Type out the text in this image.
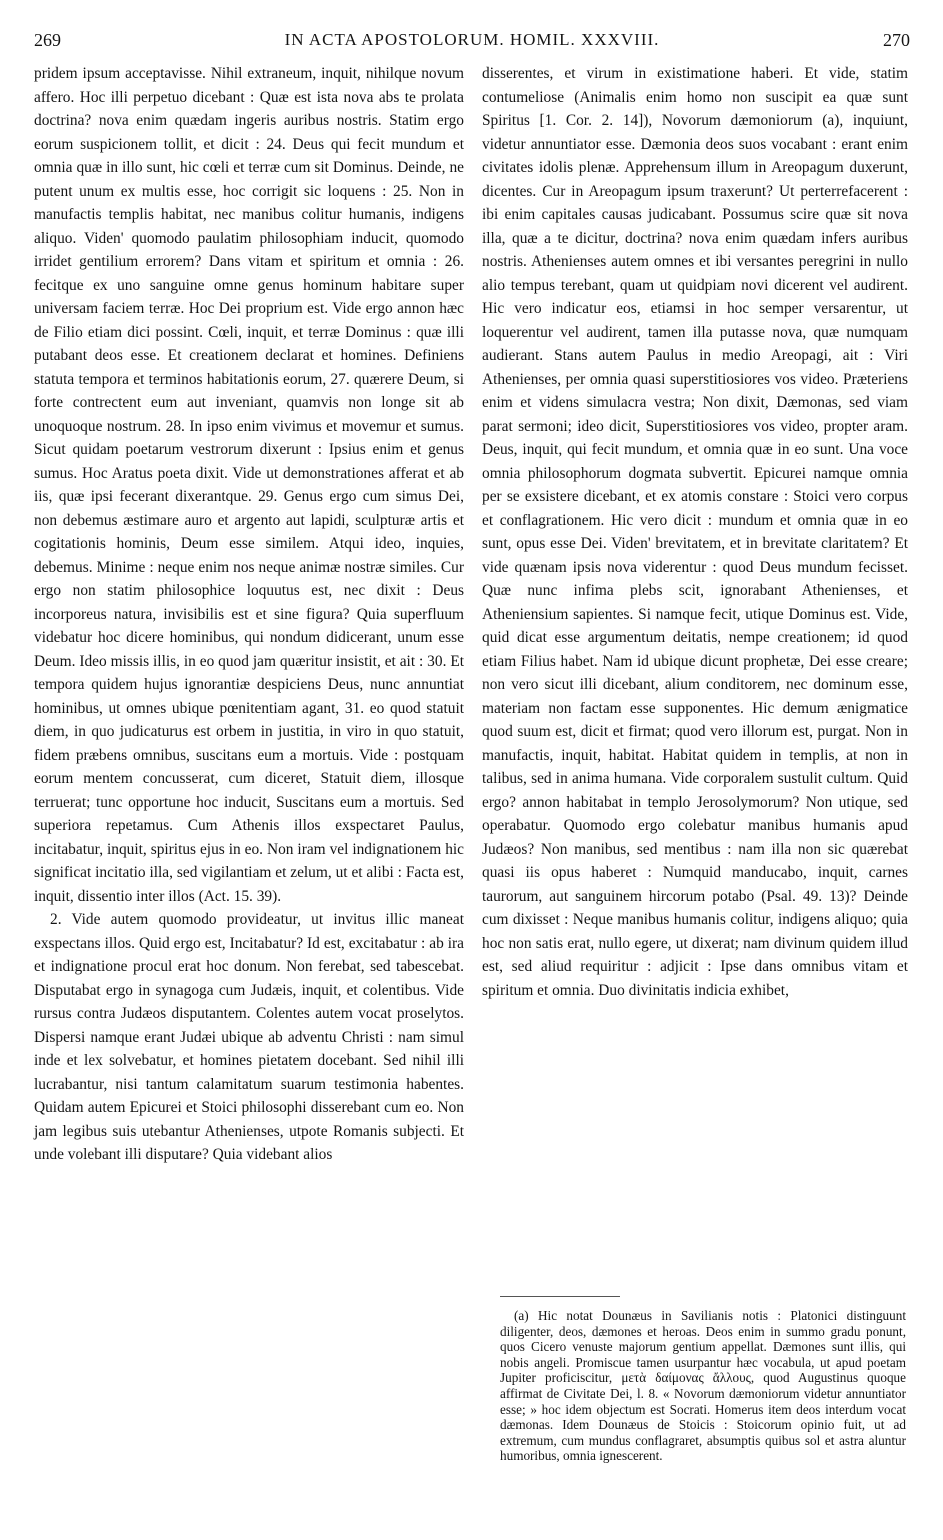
269	IN ACTA APOSTOLORUM. HOMIL. XXXVIII.	270

pridem ipsum acceptavisse. Nihil extraneum, inquit, nihilque novum affero. Hoc illi perpetuo dicebant : Quæ est ista nova abs te prolata doctrina? nova enim quædam ingeris auribus nostris. Statim ergo eorum suspicionem tollit, et dicit : 24. Deus qui fecit mundum et omnia quæ in illo sunt, hic cœli et terræ cum sit Dominus. Deinde, ne putent unum ex multis esse, hoc corrigit sic loquens : 25. Non in manufactis templis habitat, nec manibus colitur humanis, indigens aliquo. Viden' quomodo paulatim philosophiam inducit, quomodo irridet gentilium errorem? Dans vitam et spiritum et omnia : 26. fecitque ex uno sanguine omne genus hominum habitare super universam faciem terræ. Hoc Dei proprium est. Vide ergo annon hæc de Filio etiam dici possint. Cœli, inquit, et terræ Dominus : quæ illi putabant deos esse. Et creationem declarat et homines. Definiens statuta tempora et terminos habitationis eorum, 27. quærere Deum, si forte contrectent eum aut inveniant, quamvis non longe sit ab unoquoque nostrum. 28. In ipso enim vivimus et movemur et sumus. Sicut quidam poetarum vestrorum dixerunt : Ipsius enim et genus sumus. Hoc Aratus poeta dixit. Vide ut demonstrationes afferat et ab iis, quæ ipsi fecerant dixerantque. 29. Genus ergo cum simus Dei, non debemus æstimare auro et argento aut lapidi, sculpturæ artis et cogitationis hominis, Deum esse similem. Atqui ideo, inquies, debemus. Minime : neque enim nos neque animæ nostræ similes. Cur ergo non statim philosophice loquutus est, nec dixit : Deus incorporeus natura, invisibilis est et sine figura? Quia superfluum videbatur hoc dicere hominibus, qui nondum didicerant, unum esse Deum. Ideo missis illis, in eo quod jam quæritur insistit, et ait : 30. Et tempora quidem hujus ignorantiæ despiciens Deus, nunc annuntiat hominibus, ut omnes ubique pœnitentiam agant, 31. eo quod statuit diem, in quo judicaturus est orbem in justitia, in viro in quo statuit, fidem præbens omnibus, suscitans eum a mortuis. Vide : postquam eorum mentem concusserat, cum diceret, Statuit diem, illosque terruerat; tunc opportune hoc inducit, Suscitans eum a mortuis. Sed superiora repetamus. Cum Athenis illos exspectaret Paulus, incitabatur, inquit, spiritus ejus in eo. Non iram vel indignationem hic significat incitatio illa, sed vigilantiam et zelum, ut et alibi : Facta est, inquit, dissentio inter illos (Act. 15. 39).

2. Vide autem quomodo provideatur, ut invitus illic maneat exspectans illos. Quid ergo est, Incitabatur? Id est, excitabatur : ab ira et indignatione procul erat hoc donum. Non ferebat, sed tabescebat. Disputabat ergo in synagoga cum Judæis, inquit, et colentibus. Vide rursus contra Judæos disputantem. Colentes autem vocat proselytos. Dispersi namque erant Judæi ubique ab adventu Christi : nam simul inde et lex solvebatur, et homines pietatem docebant. Sed nihil illi lucrabantur, nisi tantum calamitatum suarum testimonia habentes. Quidam autem Epicurei et Stoici philosophi disserebant cum eo. Non jam legibus suis utebantur Athenienses, utpote Romanis subjecti. Et unde volebant illi disputare? Quia videbant alios

disserentes, et virum in existimatione haberi. Et vide, statim contumeliose (Animalis enim homo non suscipit ea quæ sunt Spiritus [1. Cor. 2. 14]), Novorum dæmoniorum (a), inquiunt, videtur annuntiator esse. Dæmonia deos suos vocabant : erant enim civitates idolis plenæ. Apprehensum illum in Areopagum duxerunt, dicentes. Cur in Areopagum ipsum traxerunt? Ut perterrefacerent : ibi enim capitales causas judicabant. Possumus scire quæ sit nova illa, quæ a te dicitur, doctrina? nova enim quædam infers auribus nostris. Athenienses autem omnes et ibi versantes peregrini in nullo alio tempus terebant, quam ut quidpiam novi dicerent vel audirent. Hic vero indicatur eos, etiamsi in hoc semper versarentur, ut loquerentur vel audirent, tamen illa putasse nova, quæ numquam audierant. Stans autem Paulus in medio Areopagi, ait : Viri Athenienses, per omnia quasi superstitiosiores vos video. Præteriens enim et videns simulacra vestra; Non dixit, Dæmonas, sed viam parat sermoni; ideo dicit, Superstitiosiores vos video, propter aram. Deus, inquit, qui fecit mundum, et omnia quæ in eo sunt. Una voce omnia philosophorum dogmata subvertit. Epicurei namque omnia per se exsistere dicebant, et ex atomis constare : Stoici vero corpus et conflagrationem. Hic vero dicit : mundum et omnia quæ in eo sunt, opus esse Dei. Viden' brevitatem, et in brevitate claritatem? Et vide quænam ipsis nova viderentur : quod Deus mundum fecisset. Quæ nunc infima plebs scit, ignorabant Athenienses, et Atheniensium sapientes. Si namque fecit, utique Dominus est. Vide, quid dicat esse argumentum deitatis, nempe creationem; id quod etiam Filius habet. Nam id ubique dicunt prophetæ, Dei esse creare; non vero sicut illi dicebant, alium conditorem, nec dominum esse, materiam non factam esse supponentes. Hic demum ænigmatice quod suum est, dicit et firmat; quod vero illorum est, purgat. Non in manufactis, inquit, habitat. Habitat quidem in templis, at non in talibus, sed in anima humana. Vide corporalem sustulit cultum. Quid ergo? annon habitabat in templo Jerosolymorum? Non utique, sed operabatur. Quomodo ergo colebatur manibus humanis apud Judæos? Non manibus, sed mentibus : nam illa non sic quærebat quasi iis opus haberet : Numquid manducabo, inquit, carnes taurorum, aut sanguinem hircorum potabo (Psal. 49. 13)? Deinde cum dixisset : Neque manibus humanis colitur, indigens aliquo; quia hoc non satis erat, nullo egere, ut dixerat; nam divinum quidem illud est, sed aliud requiritur : adjicit : Ipse dans omnibus vitam et spiritum et omnia. Duo divinitatis indicia exhibet,

(a) Hic notat Dounæus in Savilianis notis : Platonici distinguunt diligenter, deos, dæmones et heroas. Deos enim in summo gradu ponunt, quos Cicero venuste majorum gentium appellat. Dæmones sunt illis, qui nobis angeli. Promiscue tamen usurpantur hæc vocabula, ut apud poetam Jupiter proficiscitur, μετὰ δαίμονας ἄλλους, quod Augustinus quoque affirmat de Civitate Dei, l. 8. « Novorum dæmoniorum videtur annuntiator esse; » hoc idem objectum est Socrati. Homerus item deos interdum vocat dæmonas. Idem Dounæus de Stoicis : Stoicorum opinio fuit, ut ad extremum, cum mundus conflagraret, absumptis quibus sol et astra aluntur humoribus, omnia ignescerent.
